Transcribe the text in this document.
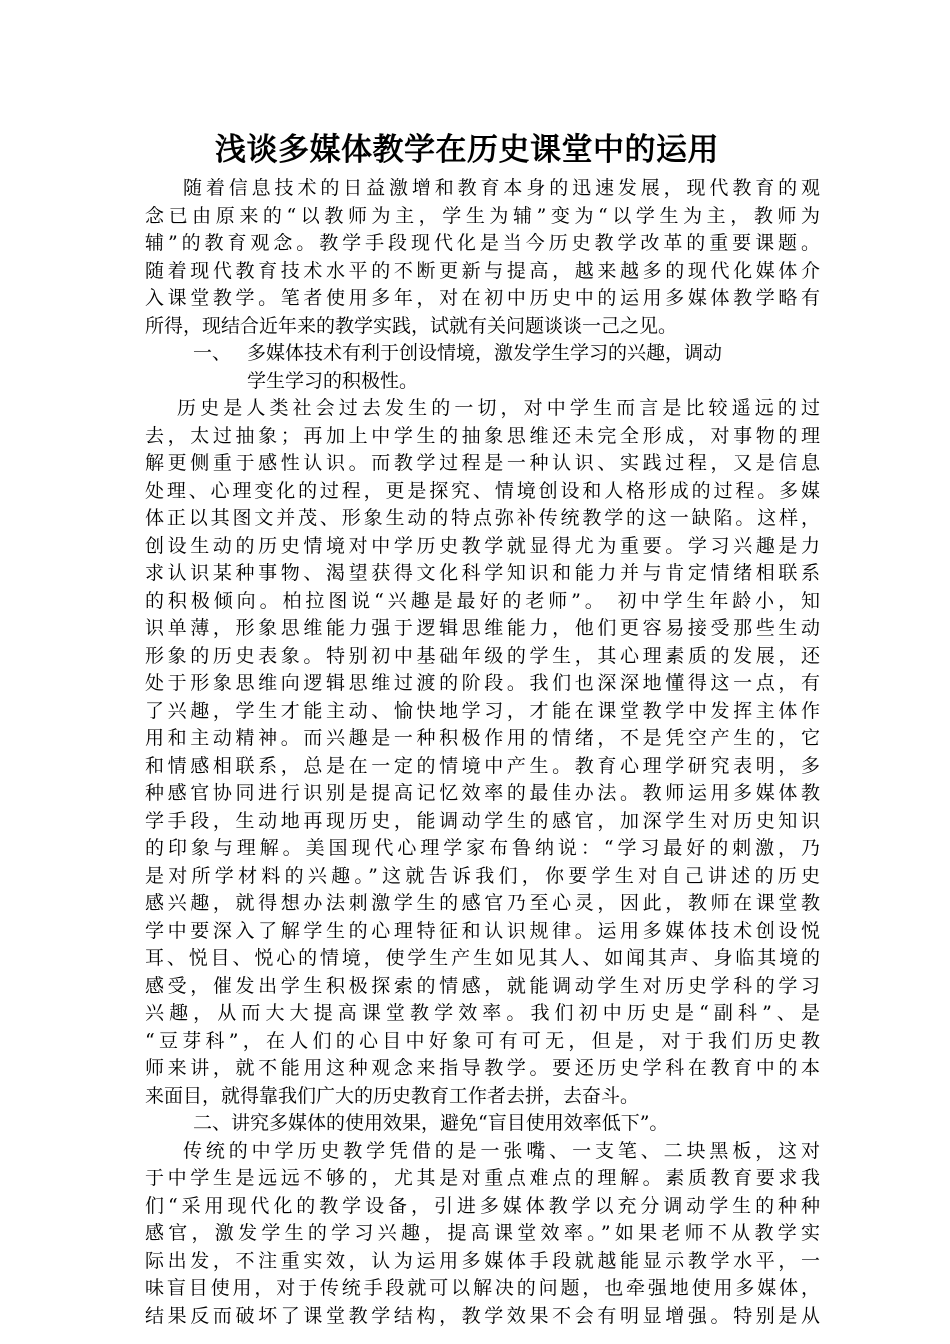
浅谈多媒体教学在历史课堂中的运用
随着信息技术的日益激增和教育本身的迅速发展，现代教育的观
念已由原来的“以教师为主，学生为辅”变为“以学生为主，教师为
辅”的教育观念。教学手段现代化是当今历史教学改革的重要课题。
随着现代教育技术水平的不断更新与提高，越来越多的现代化媒体介
入课堂教学。笔者使用多年，对在初中历史中的运用多媒体教学略有
所得，现结合近年来的教学实践，试就有关问题谈谈一己之见。
一、 多媒体技术有利于创设情境，激发学生学习的兴趣，调动
学生学习的积极性。
历史是人类社会过去发生的一切，对中学生而言是比较遥远的过
去，太过抽象；再加上中学生的抽象思维还未完全形成，对事物的理
解更侧重于感性认识。而教学过程是一种认识、实践过程，又是信息
处理、心理变化的过程，更是探究、情境创设和人格形成的过程。多媒
体正以其图文并茂、形象生动的特点弥补传统教学的这一缺陷。这样，
创设生动的历史情境对中学历史教学就显得尤为重要。学习兴趣是力
求认识某种事物、渴望获得文化科学知识和能力并与肯定情绪相联系
的积极倾向。柏拉图说“兴趣是最好的老师”。 初中学生年龄小，知
识单薄，形象思维能力强于逻辑思维能力，他们更容易接受那些生动
形象的历史表象。特别初中基础年级的学生，其心理素质的发展，还
处于形象思维向逻辑思维过渡的阶段。我们也深深地懂得这一点，有
了兴趣，学生才能主动、愉快地学习，才能在课堂教学中发挥主体作
用和主动精神。而兴趣是一种积极作用的情绪，不是凭空产生的，它
和情感相联系，总是在一定的情境中产生。教育心理学研究表明，多
种感官协同进行识别是提高记忆效率的最佳办法。教师运用多媒体教
学手段，生动地再现历史，能调动学生的感官，加深学生对历史知识
的印象与理解。美国现代心理学家布鲁纳说：“学习最好的刺激，乃
是对所学材料的兴趣。”这就告诉我们，你要学生对自己讲述的历史
感兴趣，就得想办法刺激学生的感官乃至心灵，因此，教师在课堂教
学中要深入了解学生的心理特征和认识规律。运用多媒体技术创设悦
耳、悦目、悦心的情境，使学生产生如见其人、如闻其声、身临其境的
感受，催发出学生积极探索的情感，就能调动学生对历史学科的学习
兴趣，从而大大提高课堂教学效率。我们初中历史是“副科”、是
“豆芽科”，在人们的心目中好象可有可无，但是，对于我们历史教
师来讲，就不能用这种观念来指导教学。要还历史学科在教育中的本
来面目，就得靠我们广大的历史教育工作者去拼，去奋斗。
二、讲究多媒体的使用效果，避免“盲目使用效率低下”。
传统的中学历史教学凭借的是一张嘴、一支笔、二块黑板，这对
于中学生是远远不够的，尤其是对重点难点的理解。素质教育要求我
们“采用现代化的教学设备，引进多媒体教学以充分调动学生的种种
感官，激发学生的学习兴趣，提高课堂效率。”如果老师不从教学实
际出发，不注重实效，认为运用多媒体手段就越能显示教学水平，一
味盲目使用，对于传统手段就可以解决的问题，也牵强地使用多媒体，
结果反而破坏了课堂教学结构，教学效果不会有明显增强。特别是从
